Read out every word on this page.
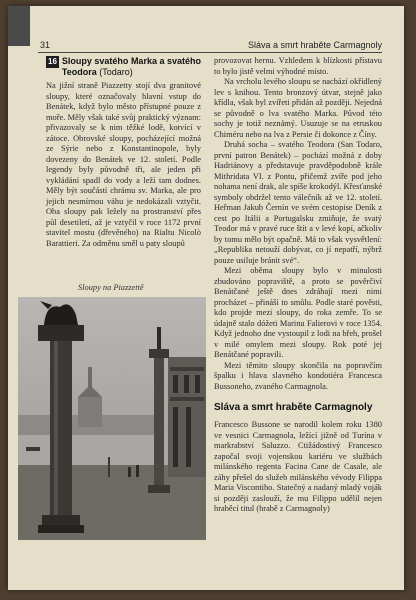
31	Slávа a smrt hraběte Carmagnoly
16 Sloupy svatého Marka a svatého Teodora (Todaro)

Na jižní straně Piazzetty stojí dva granitové sloupy, které označovaly hlavní vstup do Benátek, když bylo město přístupné pouze z moře. Měly však také svůj praktický význam: přivazovaly se k nim těžké lodě, kotvící v zátoce. Obrovské sloupy, pocházející možná ze Sýrie nebo z Konstantinopole, byly dovezeny do Benátek ve 12. století. Podle legendy byly původně tři, ale jeden při vykládání spadl do vody a leží tam dodnes. Měly být součástí chrámu sv. Marka, ale pro jejich nesmírnou váhu je nedokázali vztyčit. Oba sloupy pak ležely na prostranství přes půl desetiletí, až je vztyčil v roce 1172 první stavitel mostu (dřevěného) na Rialtu Nicolò Barattieri. Za odměnu směl u paty sloupů

Sloupy na Piazzettě

provozovat hernu. Vzhledem k blízkosti přístavu to bylo jistě velmi výhodné místo.

Na vrcholu levého sloupu se nachází okřídlený lev s knihou. Tento bronzový útvar, stejně jako křídla, však byl zvířeti přidán až později. Nejedná se původně o lva svatého Marka. Původ této sochy je totiž neznámý. Usuzuje se na etruskou Chiméru nebo na lva z Persie či dokonce z Číny.

Druhá socha – svatého Teodora (San Todaro, první patron Benátek) – pochází možná z doby Hadriánovy a představuje pravděpodobně krále Mithridata VI. z Pontu, přičemž zvíře pod jeho nohama není drak, ale spíše krokodýl. Křesťanské symboly obdržel tento válečník až ve 12. století. Heřman Jakub Černín ve svém cestopise Deník z cest po Itálii a Portugalsku zmiňuje, že svatý Teodor má v pravé ruce štít a v levé kopí, ačkoliv by tomu mělo být opačně. Má to však vysvětlení: „Republika netouží dobývat, co jí nepatří, nýbrž pouze usiluje bránit své“.

Mezi oběma sloupy bylo v minulosti zbudováno popraviště, a proto se pověrčiví Benátčané ještě dnes zdráhají mezi nimi procházet – přináší to smůlu. Podle staré pověsti, kdo projde mezi sloupy, do roka zemře. To se údajně stalo dóžeti Marinu Falierovi v roce 1354. Když jednoho dne vystoupil z lodi na břeh, prošel v milé omylem mezi sloupy. Rok poté jej Benátčané popravili.

Mezi těmito sloupy skončila na popravčím špalku i hlava slavného kondotiéra Francesca Bussoneho, zvaného Carmagnola.

Sláva a smrt hraběte Carmagnoly

Francesco Bussone se narodil kolem roku 1380 ve vesnici Carmagnola, ležící jižně od Turína v markrabství Saluzzo. Ctižádostivý Francesco započal svoji vojenskou kariéru ve službách milánského regenta Facina Cane de Casale, ale záhy přešel do služeb milánského vévody Filippa Maria Viscontiho. Statečný a nadaný mladý voják si později zaslouží, že mu Filippo udělil nejen hraběcí titul (hrabě z Carmagnoly)
